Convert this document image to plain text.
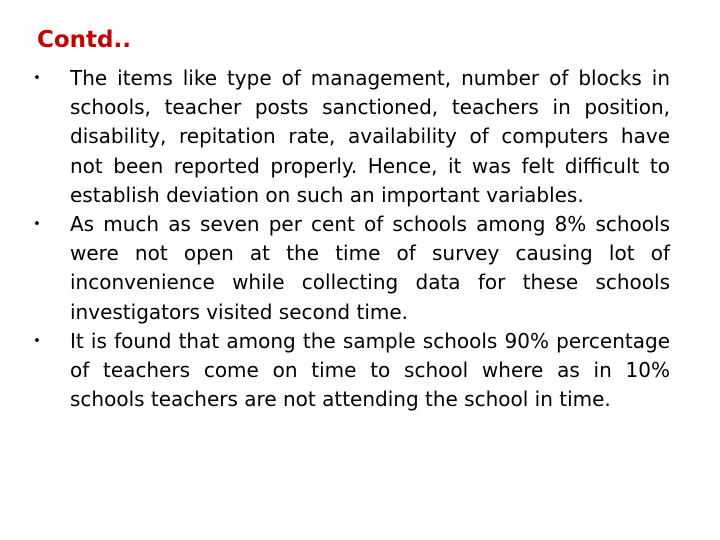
Contd..
• The items like type of management, number of blocks in schools, teacher posts sanctioned, teachers in position, disability, repitation rate, availability of computers have not been reported properly. Hence, it was felt difficult to establish deviation on such an important variables.
• As much as seven per cent of schools among 8% schools were not open at the time of survey causing lot of inconvenience while collecting data for these schools investigators visited second time.
• It is found that among the sample schools 90% percentage of teachers come on time to school where as in 10% schools teachers are not attending the school in time.
